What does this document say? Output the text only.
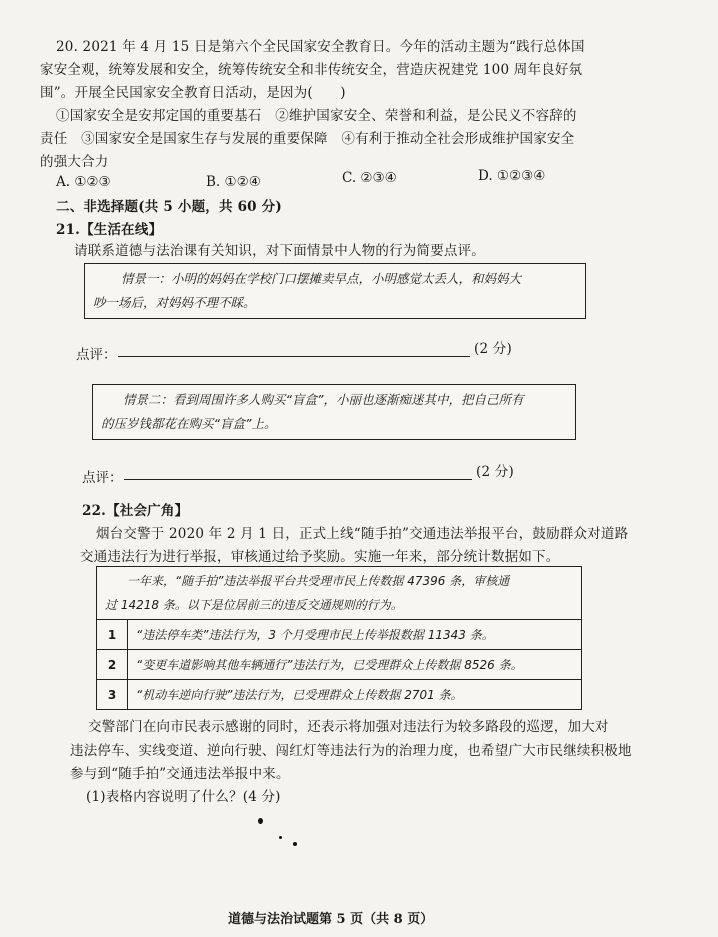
20. 2021 年 4 月 15 日是第六个全民国家安全教育日。今年的活动主题为“践行总体国
家安全观，统筹发展和安全，统筹传统安全和非传统安全，营造庆祝建党 100 周年良好氛
围”。开展全民国家安全教育日活动，是因为(　　)
①国家安全是安邦定国的重要基石　②维护国家安全、荣誉和利益，是公民义不容辞的
责任　③国家安全是国家生存与发展的重要保障　④有利于推动全社会形成维护国家安全
的强大合力
A. ①②③	B. ①②④	C. ②③④	D. ①②③④
二、非选择题(共 5 小题，共 60 分)
21.【生活在线】
请联系道德与法治课有关知识，对下面情景中人物的行为简要点评。
情景一：小明的妈妈在学校门口摆摊卖早点，小明感觉太丢人，和妈妈大
吵一场后，对妈妈不理不睬。
点评：	(2 分)
情景二：看到周围许多人购买“盲盒”，小丽也逐渐痴迷其中，把自己所有
的压岁钱都花在购买“盲盒”上。
点评：	(2 分)
22.【社会广角】
烟台交警于 2020 年 2 月 1 日，正式上线“随手拍”交通违法举报平台，鼓励群众对道路
交通违法行为进行举报，审核通过给予奖励。实施一年来，部分统计数据如下。
一年来，“随手拍”违法举报平台共受理市民上传数据 47396 条，审核通
过 14218 条。以下是位居前三的违反交通规则的行为。	

1	“违法停车类”违法行为，3 个月受理市民上传举报数据 11343 条。
2	“变更车道影响其他车辆通行”违法行为，已受理群众上传数据 8526 条。
3	“机动车逆向行驶”违法行为，已受理群众上传数据 2701 条。
交警部门在向市民表示感谢的同时，还表示将加强对违法行为较多路段的巡逻，加大对
违法停车、实线变道、逆向行驶、闯红灯等违法行为的治理力度，也希望广大市民继续积极地
参与到“随手拍”交通违法举报中来。
(1)表格内容说明了什么？(4 分)
道德与法治试题第 5 页（共 8 页）
